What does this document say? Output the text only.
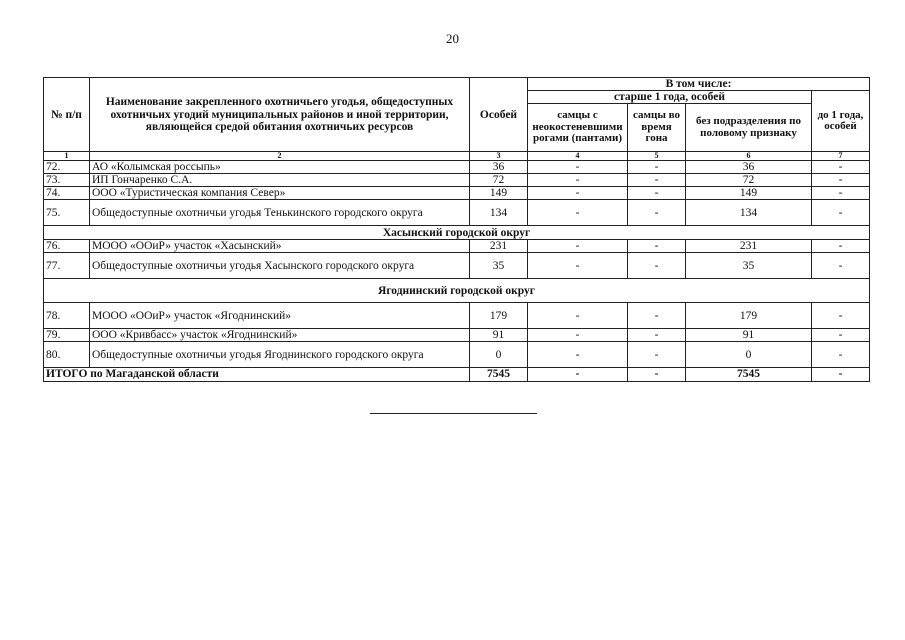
20
№ п/п	Наименование закрепленного охотничьего угодья, общедоступных охотничьих угодий муниципальных районов и иной территории, являющейся средой обитания охотничьих ресурсов	Особей	В том числе:			
			старше 1 года, особей			до 1 года, особей
			самцы с неокостеневшими рогами (пантами)	самцы во время гона	без подразделения по половому признаку	
1	2	3	4	5	6	7
72.	АО «Колымская россыпь»	36	-	-	36	-
73.	ИП Гончаренко С.А.	72	-	-	72	-
74.	ООО «Туристическая компания Север»	149	-	-	149	-
75.	Общедоступные охотничьи угодья Тенькинского городского округа	134	-	-	134	-
Хасынский городской округ						
76.	МООО «ООиР» участок «Хасынский»	231	-	-	231	-
77.	Общедоступные охотничьи угодья Хасынского городского округа	35	-	-	35	-
Ягоднинский городской округ						
78.	МООО «ООиР» участок «Ягоднинский»	179	-	-	179	-
79.	ООО «Кривбасс» участок «Ягоднинский»	91	-	-	91	-
80.	Общедоступные охотничьи угодья Ягоднинского городского округа	0	-	-	0	-
ИТОГО по Магаданской области		7545	-	-	7545	-
